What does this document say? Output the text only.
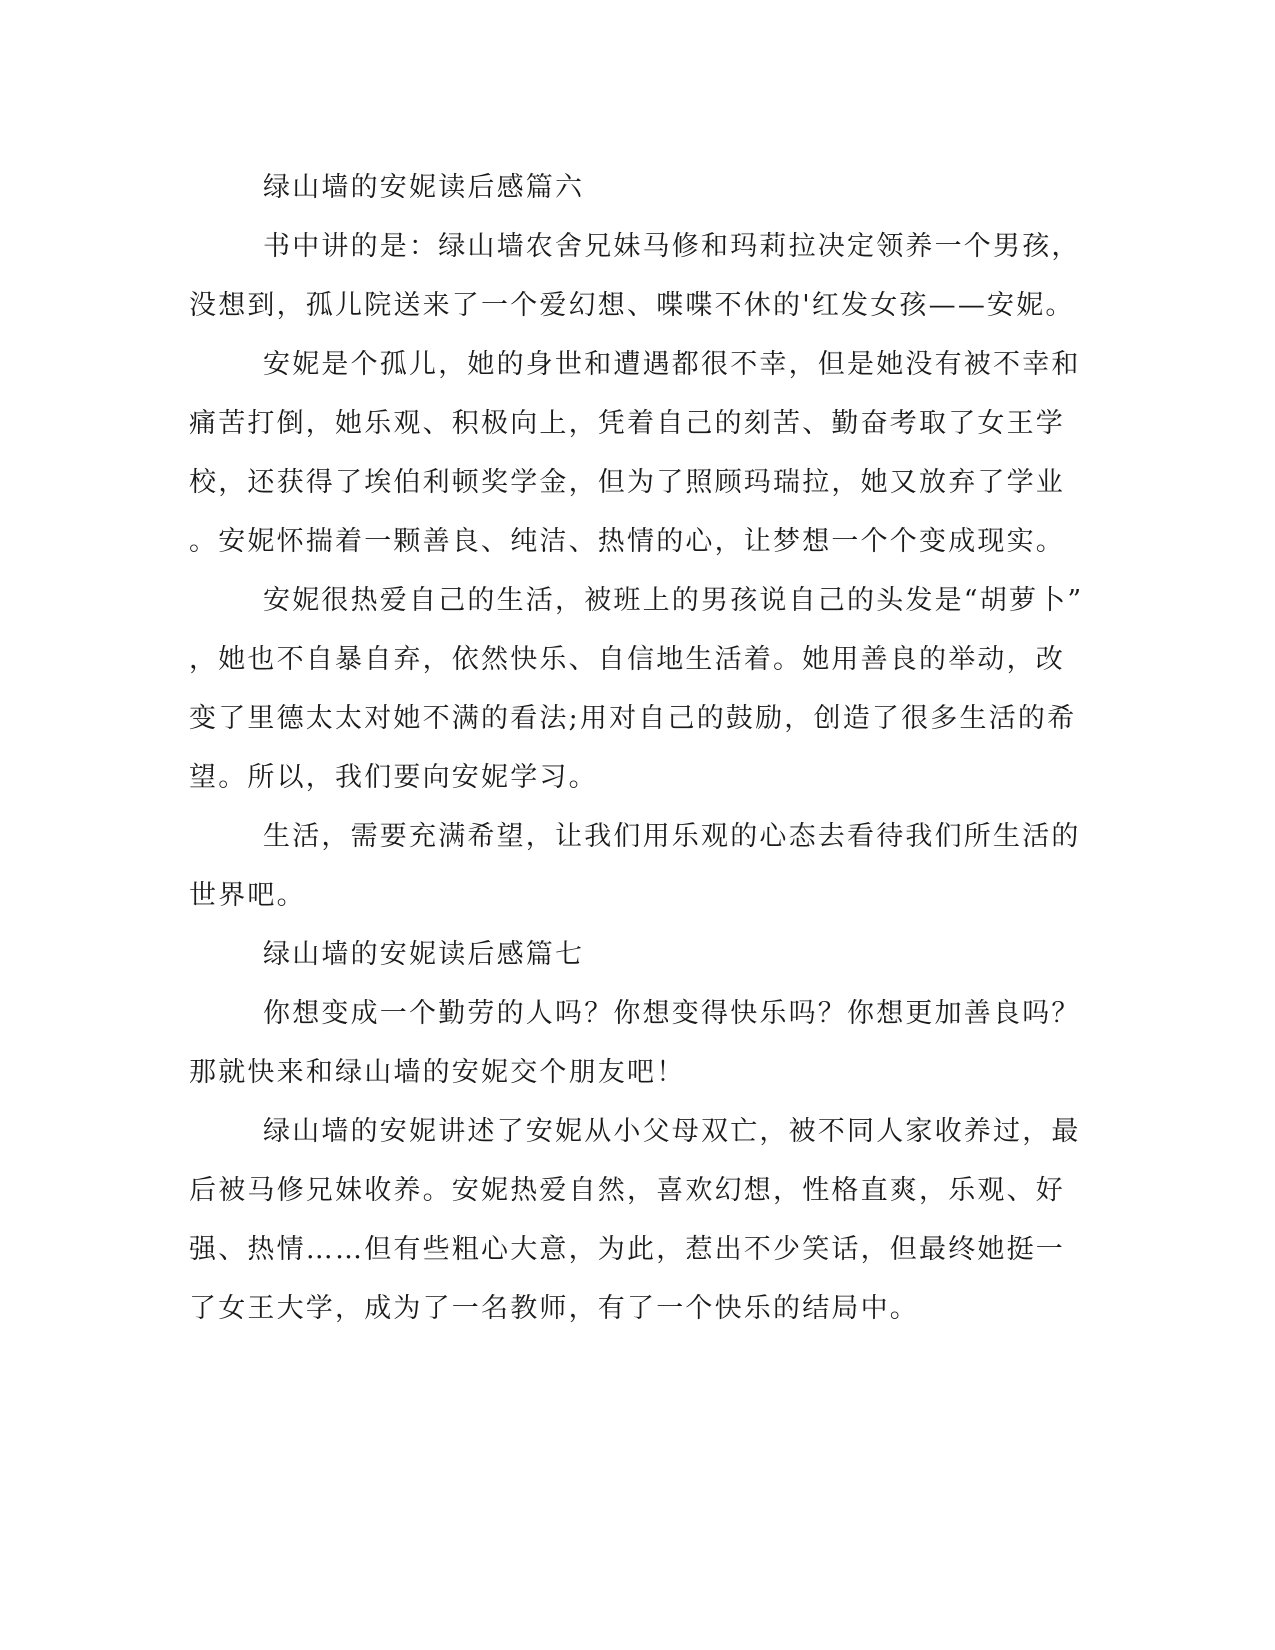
绿山墙的安妮读后感篇六
书中讲的是：绿山墙农舍兄妹马修和玛莉拉决定领养一个男孩，
没想到，孤儿院送来了一个爱幻想、喋喋不休的'红发女孩——安妮。
安妮是个孤儿，她的身世和遭遇都很不幸，但是她没有被不幸和
痛苦打倒，她乐观、积极向上，凭着自己的刻苦、勤奋考取了女王学
校，还获得了埃伯利顿奖学金，但为了照顾玛瑞拉，她又放弃了学业
。安妮怀揣着一颗善良、纯洁、热情的心，让梦想一个个变成现实。
安妮很热爱自己的生活，被班上的男孩说自己的头发是“胡萝卜”
，她也不自暴自弃，依然快乐、自信地生活着。她用善良的举动，改
变了里德太太对她不满的看法;用对自己的鼓励，创造了很多生活的希
望。所以，我们要向安妮学习。
生活，需要充满希望，让我们用乐观的心态去看待我们所生活的
世界吧。
绿山墙的安妮读后感篇七
你想变成一个勤劳的人吗？你想变得快乐吗？你想更加善良吗？
那就快来和绿山墙的安妮交个朋友吧！
绿山墙的安妮讲述了安妮从小父母双亡，被不同人家收养过，最
后被马修兄妹收养。安妮热爱自然，喜欢幻想，性格直爽，乐观、好
强、热情……但有些粗心大意，为此，惹出不少笑话，但最终她挺一
了女王大学，成为了一名教师，有了一个快乐的结局中。
